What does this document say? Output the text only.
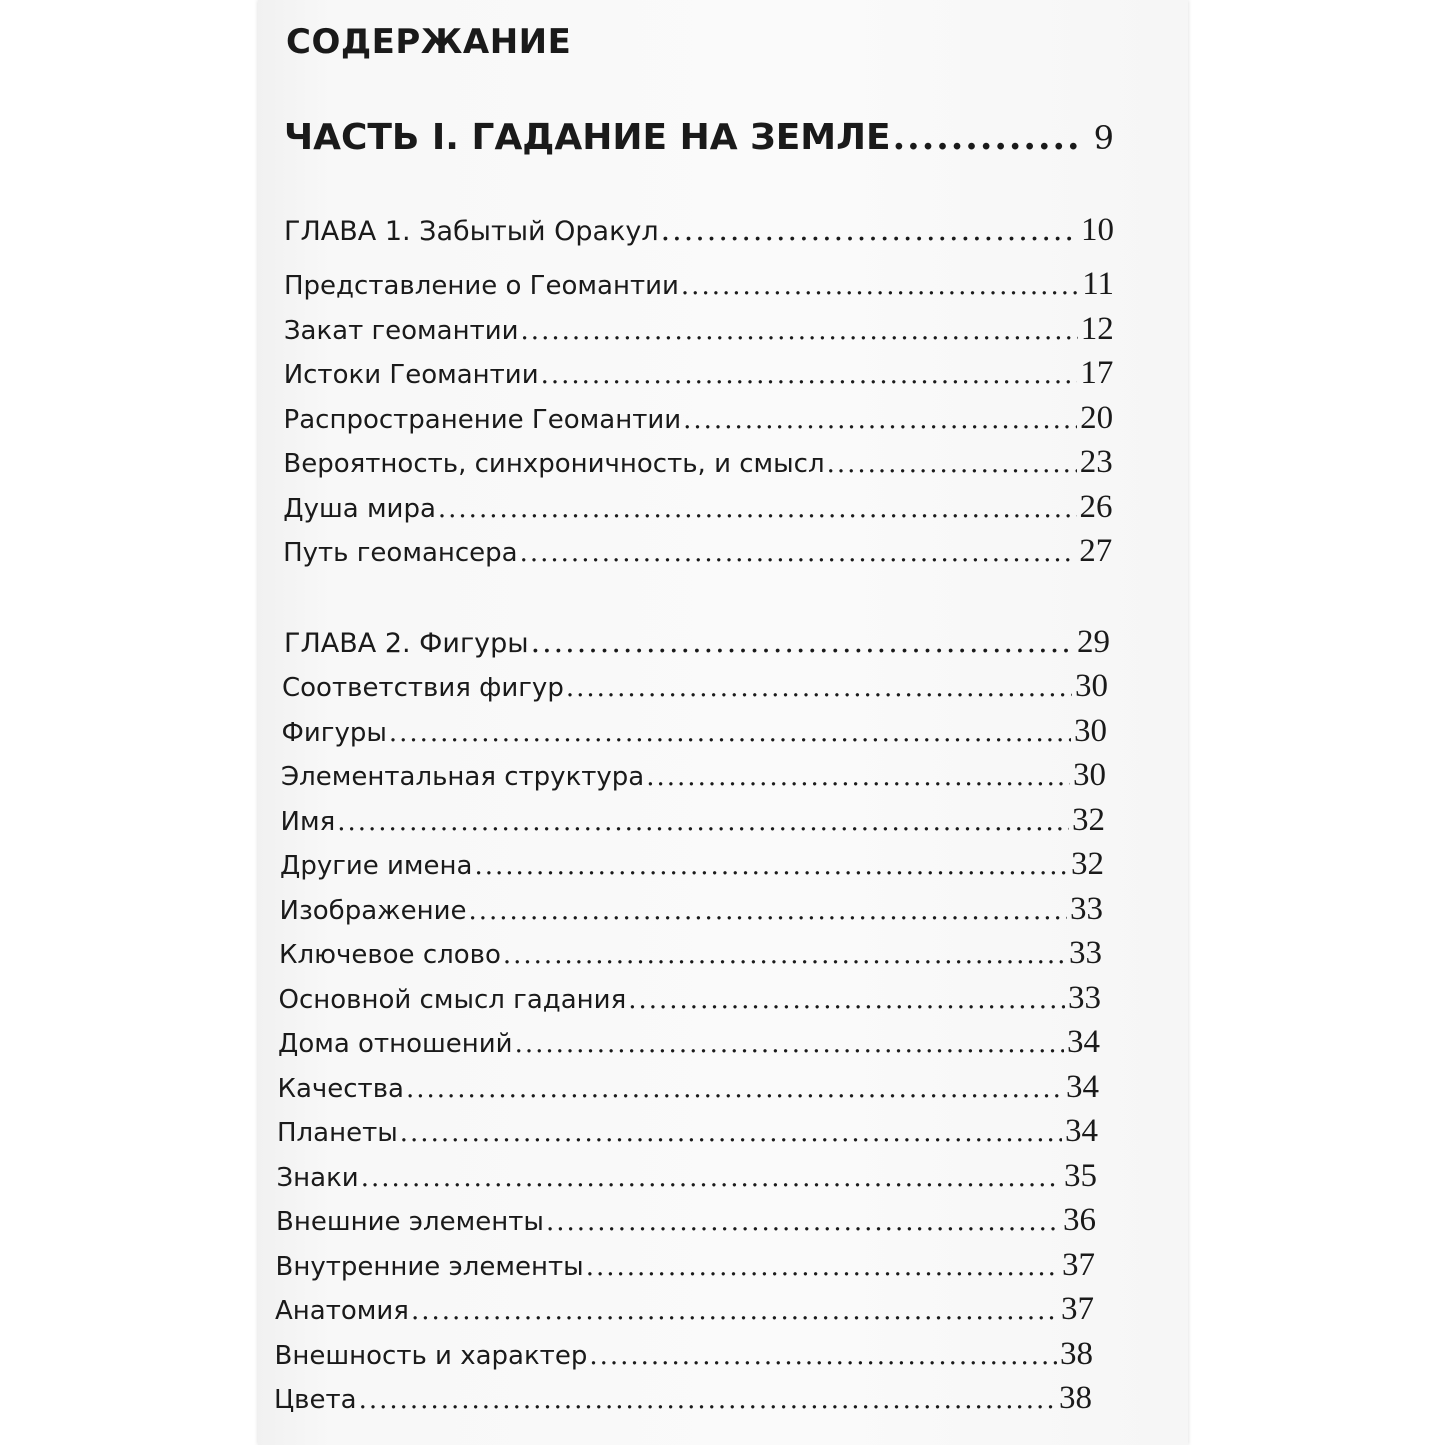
СОДЕРЖАНИЕ
ЧАСТЬ I. ГАДАНИЕ НА ЗЕМЛЕ .....	9
ГЛАВА 1. Забытый Оракул .....	10
Представление о Геомантии .....	11
Закат геомантии .....	12
Истоки Геомантии .....	17
Распространение Геомантии .....	20
Вероятность, синхроничность, и смысл .....	23
Душа мира .....	26
Путь геомансера .....	27
ГЛАВА 2. Фигуры .....	29
Соответствия фигур .....	30
Фигуры .....	30
Элементальная структура .....	30
Имя .....	32
Другие имена .....	32
Изображение .....	33
Ключевое слово .....	33
Основной смысл гадания .....	33
Дома отношений .....	34
Качества .....	34
Планеты .....	34
Знаки .....	35
Внешние элементы .....	36
Внутренние элементы .....	37
Анатомия .....	37
Внешность и характер .....	38
Цвета .....	38
